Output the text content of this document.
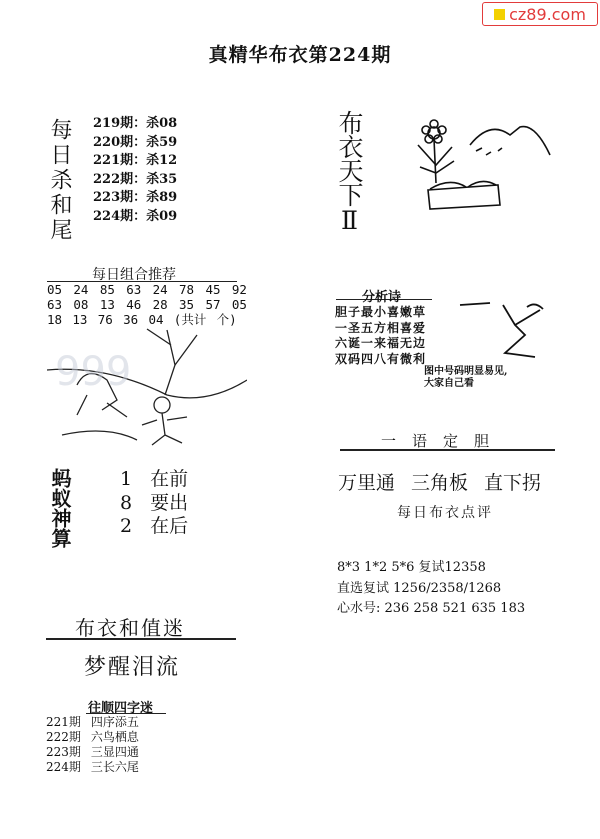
cz89.com
真精华布衣第224期
每日杀和尾 219期：杀08
220期：杀59
221期：杀12
222期：杀35
223期：杀89
224期：杀09	布衣天下Ⅱ
每日组合推荐
05 24 85 63 24 78 45 92
63 08 13 46 28 35 57 05
18 13 76 36 04 (共计 个)
999
蚂蚁神算	1 在前
8 要出
2 在后
布衣和值迷
梦醒泪流
往顺四字迷
221期 四序添五
222期 六鸟栖息
223期 三显四通
224期 三长六尾
分析诗
胆子最小喜嫩草
一圣五方相喜爱
六诞一来福无边
双码四八有微利
图中号码明显易见,
大家自己看
一语定胆
万里通 三角板 直下拐
每日布衣点评
8*3 1*2 5*6 复试12358
直选复试 1256/2358/1268
心水号: 236 258 521 635 183
